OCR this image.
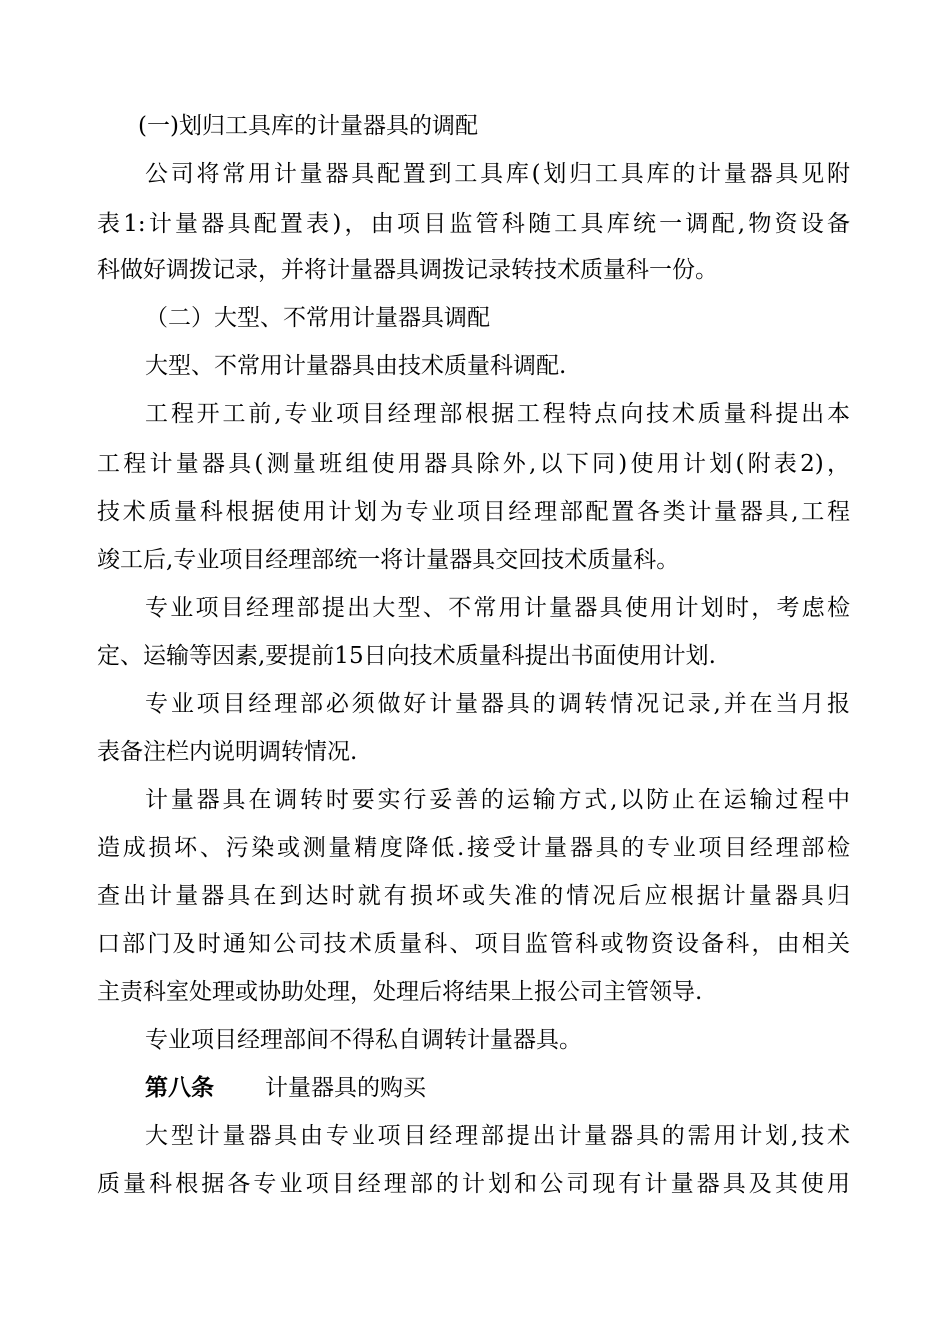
(一)划归工具库的计量器具的调配
公司将常用计量器具配置到工具库(划归工具库的计量器具见附
表1:计量器具配置表)，由项目监管科随工具库统一调配,物资设备
科做好调拨记录，并将计量器具调拨记录转技术质量科一份。
（二）大型、不常用计量器具调配
大型、不常用计量器具由技术质量科调配.
工程开工前,专业项目经理部根据工程特点向技术质量科提出本
工程计量器具(测量班组使用器具除外,以下同)使用计划(附表2)，
技术质量科根据使用计划为专业项目经理部配置各类计量器具,工程
竣工后,专业项目经理部统一将计量器具交回技术质量科。
专业项目经理部提出大型、不常用计量器具使用计划时，考虑检
定、运输等因素,要提前15日向技术质量科提出书面使用计划.
专业项目经理部必须做好计量器具的调转情况记录,并在当月报
表备注栏内说明调转情况.
计量器具在调转时要实行妥善的运输方式,以防止在运输过程中
造成损坏、污染或测量精度降低.接受计量器具的专业项目经理部检
查出计量器具在到达时就有损坏或失准的情况后应根据计量器具归
口部门及时通知公司技术质量科、项目监管科或物资设备科，由相关
主责科室处理或协助处理，处理后将结果上报公司主管领导.
专业项目经理部间不得私自调转计量器具。
第八条	计量器具的购买
大型计量器具由专业项目经理部提出计量器具的需用计划,技术
质量科根据各专业项目经理部的计划和公司现有计量器具及其使用
